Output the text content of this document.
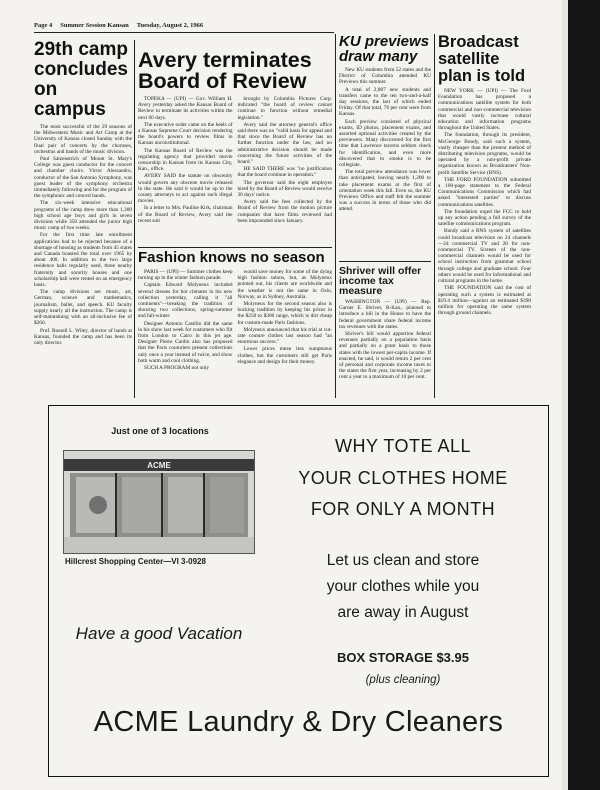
Page 4 Summer Session Kansan Tuesday, August 2, 1966
29th camp concludes on campus

The most successful of the 29 seasons of the Midwestern Music and Art Camp at the University of Kansas closed Sunday with the final pair of concerts by the choruses, orchestras and bands of the music division.

Paul Salzenstrich of Mount St. Mary's College was guest conductor for the concert and chamber choirs. Victor Alessandro, conductor of the San Antonio Symphony, was guest leader of the symphony orchestra immediately following and for the program of the symphonic and concert bands.

The six-week intensive educational programs of the camp drew more than 1,300 high school age boys and girls in seven divisions while 350 attended the junior high music camp of two weeks.

For the first time late enrollment applications had to be rejected because of a shortage of housing as students from 45 states and Canada boasted the total over 1965 by about 400. In addition to the two large residence halls regularly used, three nearby fraternity and sorority houses and one scholarship hall were rented on an emergency basis.

The camp divisions are music, art, German, science and mathematics, journalism, ballet, and speech. KU faculty supply nearly all the instruction. The camp is self-maintaining with an all-inclusive fee of $260.

Prof. Russell L. Wiley, director of bands at Kansas, founded the camp and has been its only director.

Avery terminates Board of Review

TOPEKA — (UPI) — Gov. William H. Avery yesterday asked the Kansas Board of Review to terminate its activities within the next 60 days.

The executive order came on the heels of a Kansas Supreme Court decision rendering the board's powers to review films in Kansas unconstitutional.

The Kansas Board of Review was the regulating agency that provided movie censorship in Kansas from its Kansas City, Kan., office.

AVERY SAID the statute on obscenity would govern any obscene movie released in the state. He said it would be up to the county attorneys to act against such illegal movies.

In a letter to Mrs. Pauline Kirk, chairman of the Board of Review, Avery said the recent suit

brought by Columbia Pictures Corp. indicated "the board of review cannot continue to function without remedial legislation."

Avery said the attorney general's office said there was no "valid basis for appeal and that since the Board of Review has no further function under the law, and no administrative decision should be made concerning the future activities of the board."

HE SAID THERE was "no justification that the board continue in operation."

The governor said the eight employes hired by the Board of Review would receive 30 days' notice.

Avery said the fees collected by the Board of Review from the motion picture companies that have films reviewed had been impounded since January.

Fashion knows no season

PARIS — (UPI) — Summer clothes keep turning up in the winter fashion parade.

Captain Edward Molyneux included several dresses for hot climates in his new collection yesterday, calling it "all continents"—breaking the tradition of showing two collections, spring-summer and fall-winter.

Designer Antonio Castillo did the same in his show last week for customers who flit from London to Cairo in this jet age. Designer Pierre Cardin also has proposed that the Paris couturiers present collections only once a year instead of twice, and show both warm and cool clothing.

SUCH A PROGRAM not only

would save money for some of the dying high fashion salons, but, as Molyneux pointed out, his clients are worldwide and the weather is not the same in Oslo, Norway, as in Sydney, Australia.

Molyneux for the second season also is bucking tradition by keeping his prices in the $250 to $300 range, which is dirt cheap for custom-made Paris fashions.

Molyneux announced that his trial at cut-rate couture clothes last season had "an enormous success."

Lower prices mean less sumptuous clothes, but the customers still get Paris elegance and design for their money.

KU previews draw many

New KU students from 52 states and the District of Columbia attended KU Previews this summer.

A total of 2,087 new students and transfers came to the ten two-and-a-half day sessions, the last of which ended Friday. Of that total, 76 per cent were from Kansas.

Each preview consisted of physical exams, ID photos, placement exams, and assorted optional activities created by the previewers. Many discovered for the first time that Lawrence taverns seldom check for identification, and even more discovered that to smoke is to be collegiate.

The total preview attendance was lower than anticipated, leaving nearly 1,200 to take placement exams at the first of orientation week this fall. Even so, the KU Previews Office and staff felt the summer was a success in terms of those who did attend.

Shriver will offer income tax measure

WASHINGTON — (UPI) — Rep. Garner E. Shriver, R-Kan., planned to introduce a bill in the House to have the federal government share federal income tax revenues with the states.

Shriver's bill would apportion federal revenues partially on a population basis and partially on a grant basis to those states with the lowest per-capita income. If enacted, he said, it would return 2 per cent of personal and corporate income taxes to the states the first year, increasing by 2 per cent a year to a maximum of 10 per cent.

Broadcast satellite plan is told

NEW YORK — (UPI) — The Ford Foundation has proposed a communications satellite system for both commercial and non-commercial television that would vastly increase cultural education and information programs throughout the United States.

The foundation, through its president, McGeorge Bundy, said such a system, vastly cheaper than the present method of distributing television programs, would be operated by a non-profit private organization known as Broadcasters' Non-profit Satellite Service (BNS).

THE FORD FOUNDATION submitted a 100-page statement to the Federal Communications Commission which had asked "interested parties" to discuss communications satellites.

The foundation urged the FCC to hold up any action pending a full survey of the satellite communications program.

Bundy said a BNS system of satellites could broadcast television on 24 channels—24 commercial TV and 20 for non-commercial TV. Sixteen of the non-commercial channels would be used for school instruction from grammar school through college and graduate school. Four others would be used for informational and cultural programs in the home.

THE FOUNDATION said the cost of operating such a system is estimated at $19.4 million—against an estimated $390 million for operating the same system through ground channels.

Just one of 3 locations
ACME
Hillcrest Shopping Center—VI 3-0928
WHY TOTE ALL
YOUR CLOTHES HOME
FOR ONLY A MONTH
Let us clean and store
your clothes while you
are away in August
Have a good Vacation
BOX STORAGE $3.95
(plus cleaning)
ACME Laundry & Dry Cleaners
